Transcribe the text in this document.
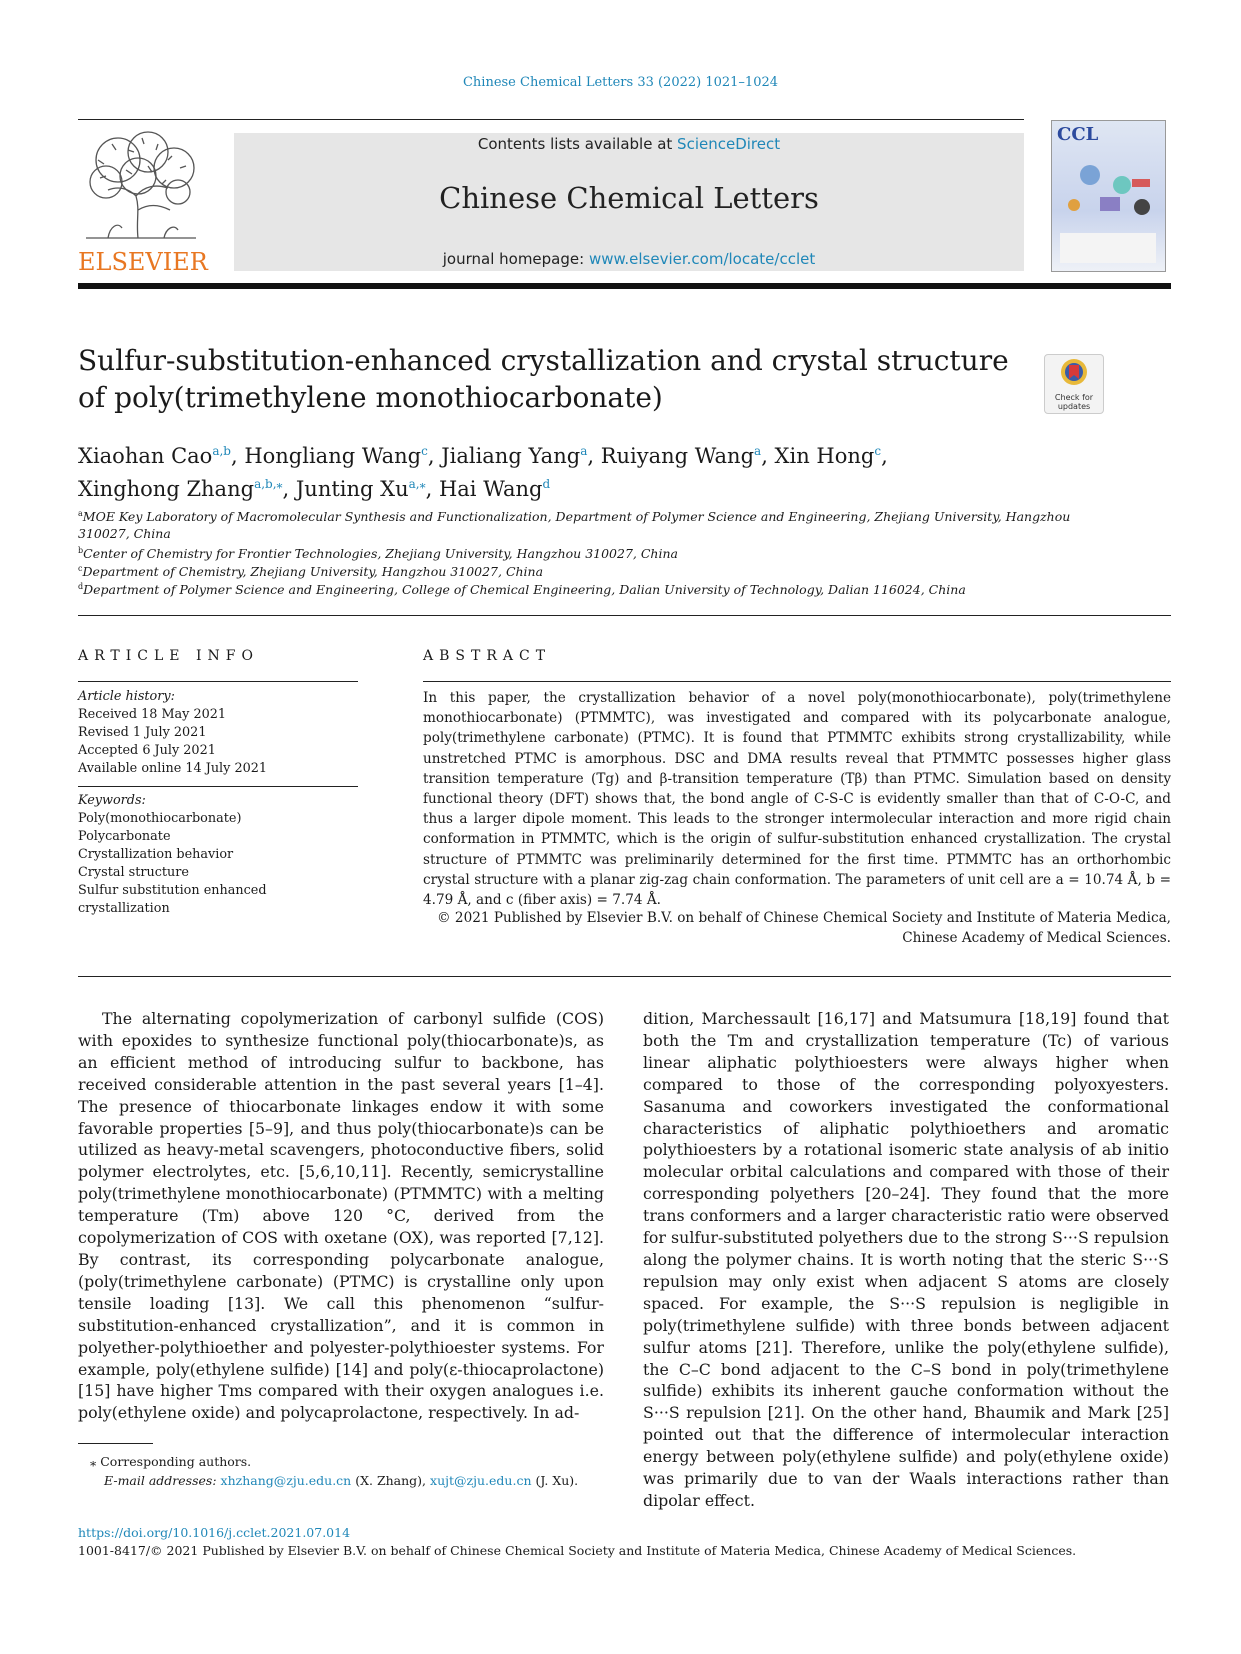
Chinese Chemical Letters 33 (2022) 1021–1024
ELSEVIER
Contents lists available at ScienceDirect
Chinese Chemical Letters
journal homepage: www.elsevier.com/locate/cclet
CCL
Sulfur-substitution-enhanced crystallization and crystal structure of poly(trimethylene monothiocarbonate)	Check for updates
Xiaohan Cao$^{a,b}$, Hongliang Wang$^c$, Jialiang Yang$^a$, Ruiyang Wang$^a$, Xin Hong$^c$,
Xinghong Zhang$^{a,b,⁎}$, Junting $Xu^{a,⁎}$, Hai Wang$^d$
$^a$MOE Key Laboratory of Macromolecular Synthesis and Functionalization, Department of Polymer Science and Engineering, Zhejiang University, Hangzhou 310027, China
$^b$Center of Chemistry for Frontier Technologies, Zhejiang University, Hangzhou 310027, China
$^c$Department of Chemistry, Zhejiang University, Hangzhou 310027, China
$^d$Department of Polymer Science and Engineering, College of Chemical Engineering, Dalian University of Technology, Dalian 116024, China
ARTICLE INFO	ABSTRACT
Article history:
Received 18 May 2021
Revised 1 July 2021
Accepted 6 July 2021
Available online 14 July 2021
Keywords:
Poly(monothiocarbonate)
Polycarbonate
Crystallization behavior
Crystal structure
Sulfur substitution enhanced crystallization
In this paper, the crystallization behavior of a novel poly(monothiocarbonate), poly(trimethylene monothiocarbonate) (PTMMTC), was investigated and compared with its polycarbonate analogue, poly(trimethylene carbonate) (PTMC). It is found that PTMMTC exhibits strong crystallizability, while unstretched PTMC is amorphous. DSC and DMA results reveal that PTMMTC possesses higher glass transition temperature (Tg) and β-transition temperature (Tβ) than PTMC. Simulation based on density functional theory (DFT) shows that, the bond angle of C-S-C is evidently smaller than that of C-O-C, and thus a larger dipole moment. This leads to the stronger intermolecular interaction and more rigid chain conformation in PTMMTC, which is the origin of sulfur-substitution enhanced crystallization. The crystal structure of PTMMTC was preliminarily determined for the first time. PTMMTC has an orthorhombic crystal structure with a planar zig-zag chain conformation. The parameters of unit cell are a = 10.74 Å, b = 4.79 Å, and c (fiber axis) = 7.74 Å.
© 2021 Published by Elsevier B.V. on behalf of Chinese Chemical Society and Institute of Materia Medica, Chinese Academy of Medical Sciences.
The alternating copolymerization of carbonyl sulfide (COS) with epoxides to synthesize functional poly(thiocarbonate)s, as an efficient method of introducing sulfur to backbone, has received considerable attention in the past several years [1–4]. The presence of thiocarbonate linkages endow it with some favorable properties [5–9], and thus poly(thiocarbonate)s can be utilized as heavy-metal scavengers, photoconductive fibers, solid polymer electrolytes, etc. [5,6,10,11]. Recently, semicrystalline poly(trimethylene monothiocarbonate) (PTMMTC) with a melting temperature (Tm) above 120 °C, derived from the copolymerization of COS with oxetane (OX), was reported [7,12]. By contrast, its corresponding polycarbonate analogue, (poly(trimethylene carbonate) (PTMC) is crystalline only upon tensile loading [13]. We call this phenomenon “sulfur-substitution-enhanced crystallization”, and it is common in polyether-polythioether and polyester-polythioester systems. For example, poly(ethylene sulfide) [14] and poly(ε-thiocaprolactone) [15] have higher Tms compared with their oxygen analogues i.e. poly(ethylene oxide) and polycaprolactone, respectively. In ad-
dition, Marchessault [16,17] and Matsumura [18,19] found that both the Tm and crystallization temperature (Tc) of various linear aliphatic polythioesters were always higher when compared to those of the corresponding polyoxyesters. Sasanuma and coworkers investigated the conformational characteristics of aliphatic polythioethers and aromatic polythioesters by a rotational isomeric state analysis of ab initio molecular orbital calculations and compared with those of their corresponding polyethers [20–24]. They found that the more trans conformers and a larger characteristic ratio were observed for sulfur-substituted polyethers due to the strong S···S repulsion along the polymer chains. It is worth noting that the steric S···S repulsion may only exist when adjacent S atoms are closely spaced. For example, the S···S repulsion is negligible in poly(trimethylene sulfide) with three bonds between adjacent sulfur atoms [21]. Therefore, unlike the poly(ethylene sulfide), the C–C bond adjacent to the C–S bond in poly(trimethylene sulfide) exhibits its inherent gauche conformation without the S···S repulsion [21]. On the other hand, Bhaumik and Mark [25] pointed out that the difference of intermolecular interaction energy between poly(ethylene sulfide) and poly(ethylene oxide) was primarily due to van der Waals interactions rather than dipolar effect.
⁎ Corresponding authors.
E-mail addresses: xhzhang@zju.edu.cn (X. Zhang), xujt@zju.edu.cn (J. Xu).
https://doi.org/10.1016/j.cclet.2021.07.014
1001-8417/© 2021 Published by Elsevier B.V. on behalf of Chinese Chemical Society and Institute of Materia Medica, Chinese Academy of Medical Sciences.
